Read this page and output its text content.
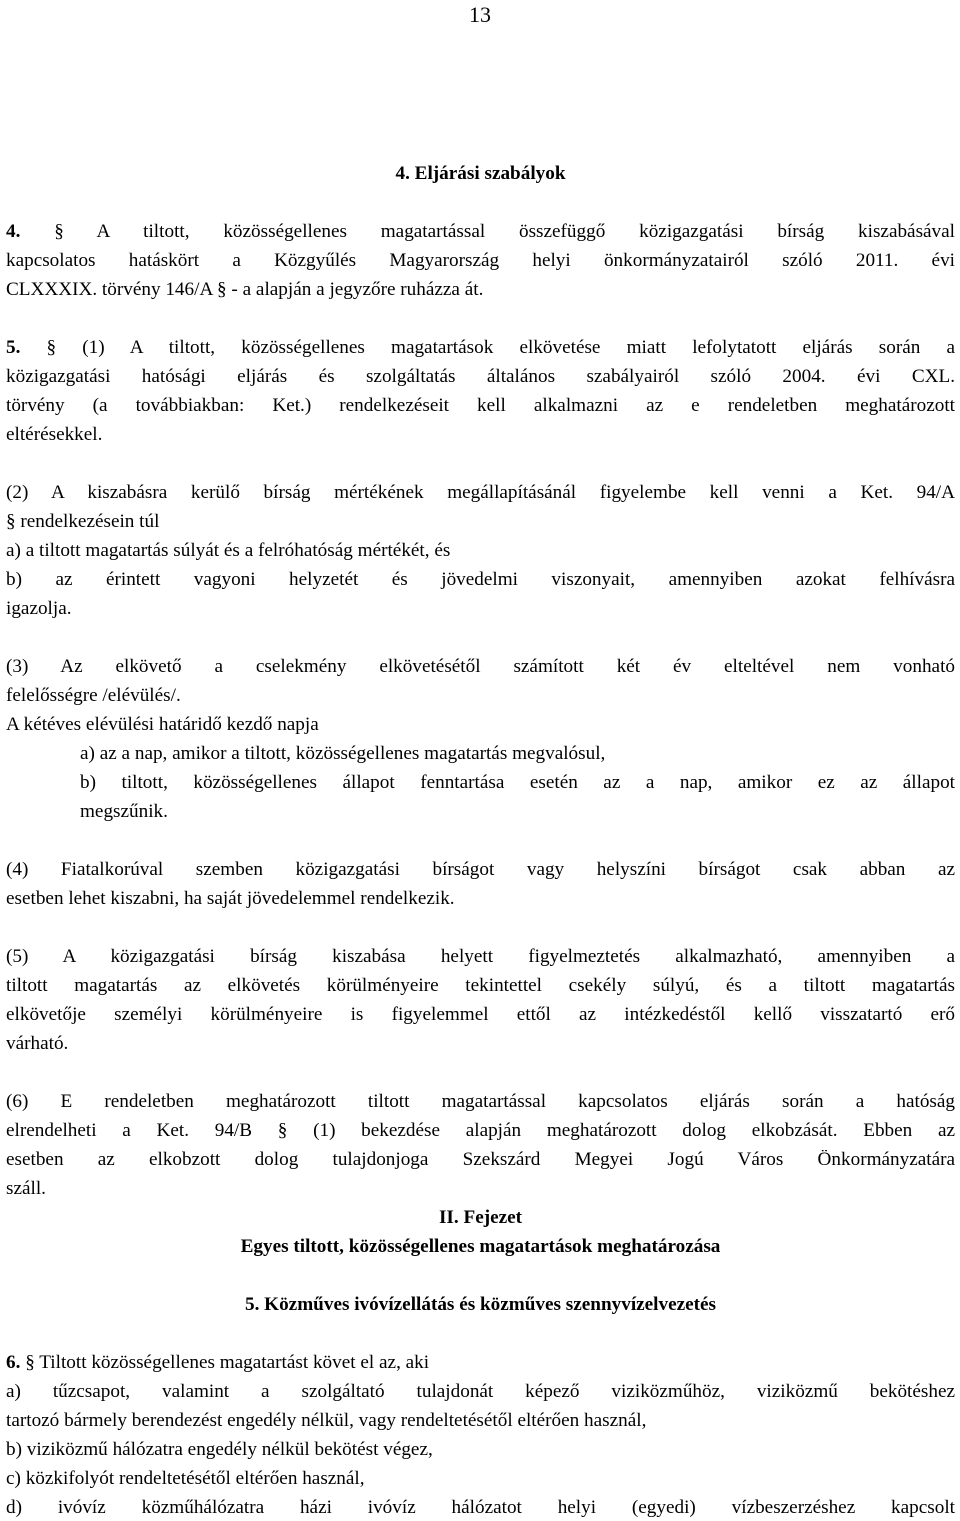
13
4. Eljárási szabályok
4. § A tiltott, közösségellenes magatartással összefüggő közigazgatási bírság kiszabásával
kapcsolatos hatáskört a Közgyűlés Magyarország helyi önkormányzatairól szóló 2011. évi
CLXXXIX. törvény 146/A § - a alapján a jegyzőre ruházza át.
5. § (1) A tiltott, közösségellenes magatartások elkövetése miatt lefolytatott eljárás során a
közigazgatási hatósági eljárás és szolgáltatás általános szabályairól szóló 2004. évi CXL.
törvény (a továbbiakban: Ket.) rendelkezéseit kell alkalmazni az e rendeletben meghatározott
eltérésekkel.
(2) A kiszabásra kerülő bírság mértékének megállapításánál figyelembe kell venni a Ket. 94/A
§ rendelkezésein túl
a) a tiltott magatartás súlyát és a felróhatóság mértékét, és
b) az érintett vagyoni helyzetét és jövedelmi viszonyait, amennyiben azokat felhívásra
igazolja.
(3) Az elkövető a cselekmény elkövetésétől számított két év elteltével nem vonható
felelősségre /elévülés/.
A kétéves elévülési határidő kezdő napja
a) az a nap, amikor a tiltott, közösségellenes magatartás megvalósul,
b) tiltott, közösségellenes állapot fenntartása esetén az a nap, amikor ez az állapot
megszűnik.
(4) Fiatalkorúval szemben közigazgatási bírságot vagy helyszíni bírságot csak abban az
esetben lehet kiszabni, ha saját jövedelemmel rendelkezik.
(5) A közigazgatási bírság kiszabása helyett figyelmeztetés alkalmazható, amennyiben a
tiltott magatartás az elkövetés körülményeire tekintettel csekély súlyú, és a tiltott magatartás
elkövetője személyi körülményeire is figyelemmel ettől az intézkedéstől kellő visszatartó erő
várható.
(6) E rendeletben meghatározott tiltott magatartással kapcsolatos eljárás során a hatóság
elrendelheti a Ket. 94/B § (1) bekezdése alapján meghatározott dolog elkobzását. Ebben az
esetben az elkobzott dolog tulajdonjoga Szekszárd Megyei Jogú Város Önkormányzatára
száll.
II. Fejezet
Egyes tiltott, közösségellenes magatartások meghatározása
5. Közműves ivóvízellátás és közműves szennyvízelvezetés
6. § Tiltott közösségellenes magatartást követ el az, aki
a) tűzcsapot, valamint a szolgáltató tulajdonát képező viziközműhöz, viziközmű bekötéshez
tartozó bármely berendezést engedély nélkül, vagy rendeltetésétől eltérően használ,
b) viziközmű hálózatra engedély nélkül bekötést végez,
c) közkifolyót rendeltetésétől eltérően használ,
d) ivóvíz közműhálózatra házi ivóvíz hálózatot helyi (egyedi) vízbeszerzéshez kapcsolt
